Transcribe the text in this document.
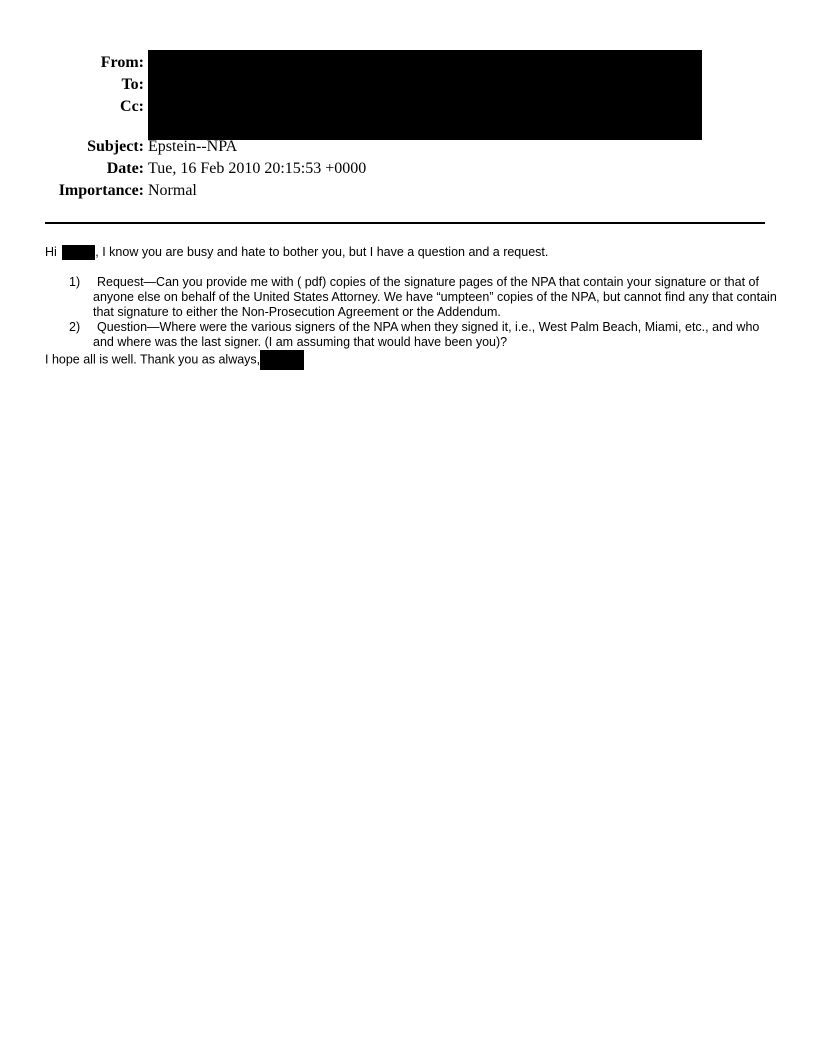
From:
To:
Cc:
Subject: Epstein--NPA
Date: Tue, 16 Feb 2010 20:15:53 +0000
Importance: Normal
Hi	, I know you are busy and hate to bother you, but I have a question and a request.
1)	Request—Can you provide me with ( pdf) copies of the signature pages of the NPA that contain your signature or that of anyone else on behalf of the United States Attorney. We have “umpteen” copies of the NPA, but cannot find any that contain that signature to either the Non-Prosecution Agreement or the Addendum.
2)	Question—Where were the various signers of the NPA when they signed it, i.e., West Palm Beach, Miami, etc., and who and where was the last signer. (I am assuming that would have been you)?
I hope all is well. Thank you as always,
